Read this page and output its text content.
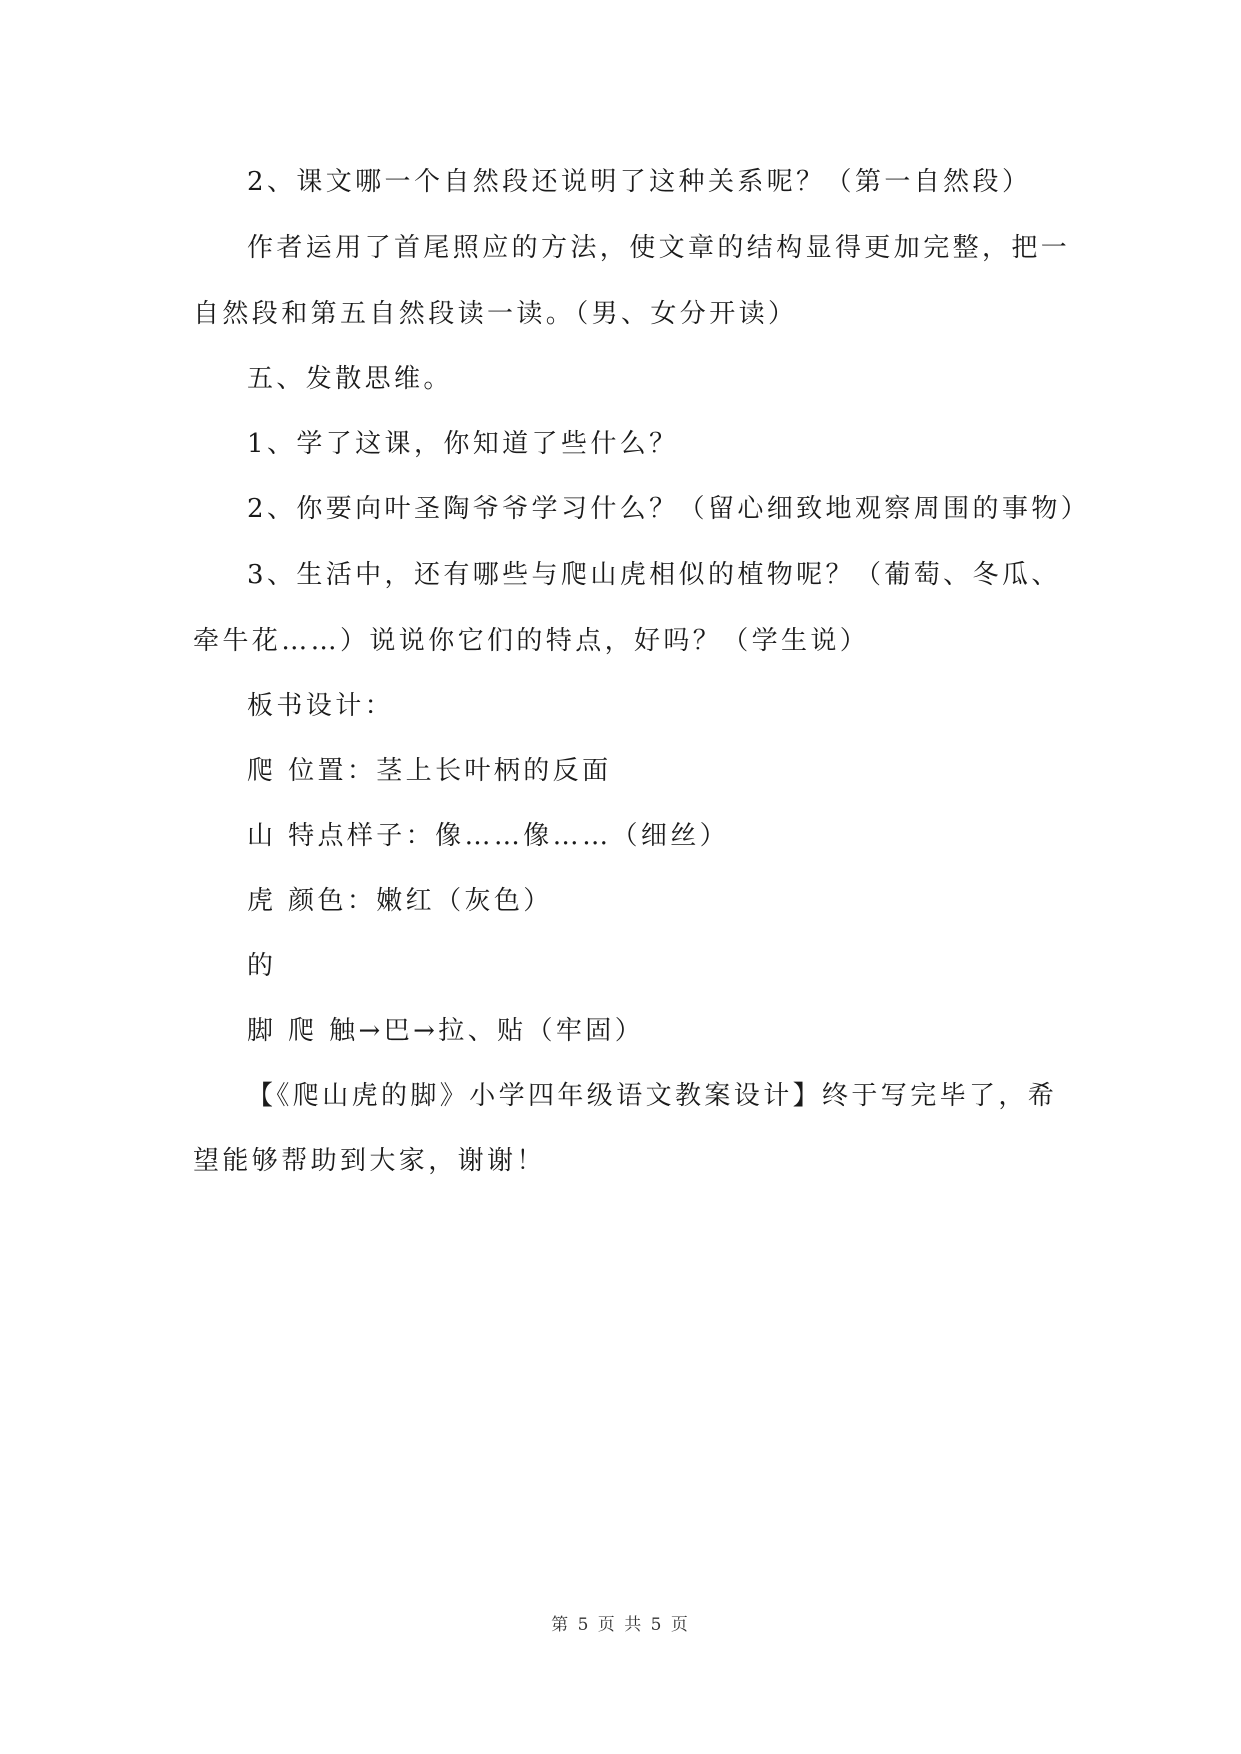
2、课文哪一个自然段还说明了这种关系呢？（第一自然段）
作者运用了首尾照应的方法，使文章的结构显得更加完整，把一
自然段和第五自然段读一读。（男、女分开读）
五、发散思维。
1、学了这课，你知道了些什么？
2、你要向叶圣陶爷爷学习什么？（留心细致地观察周围的事物）
3、生活中，还有哪些与爬山虎相似的植物呢？（葡萄、冬瓜、
牵牛花……）说说你它们的特点，好吗？（学生说）
板书设计：
爬 位置：茎上长叶柄的反面
山 特点样子：像……像……（细丝）
虎 颜色：嫩红（灰色）
的
脚 爬 触→巴→拉、贴（牢固）
【《爬山虎的脚》小学四年级语文教案设计】终于写完毕了，希
望能够帮助到大家，谢谢！
第 5 页 共 5 页
